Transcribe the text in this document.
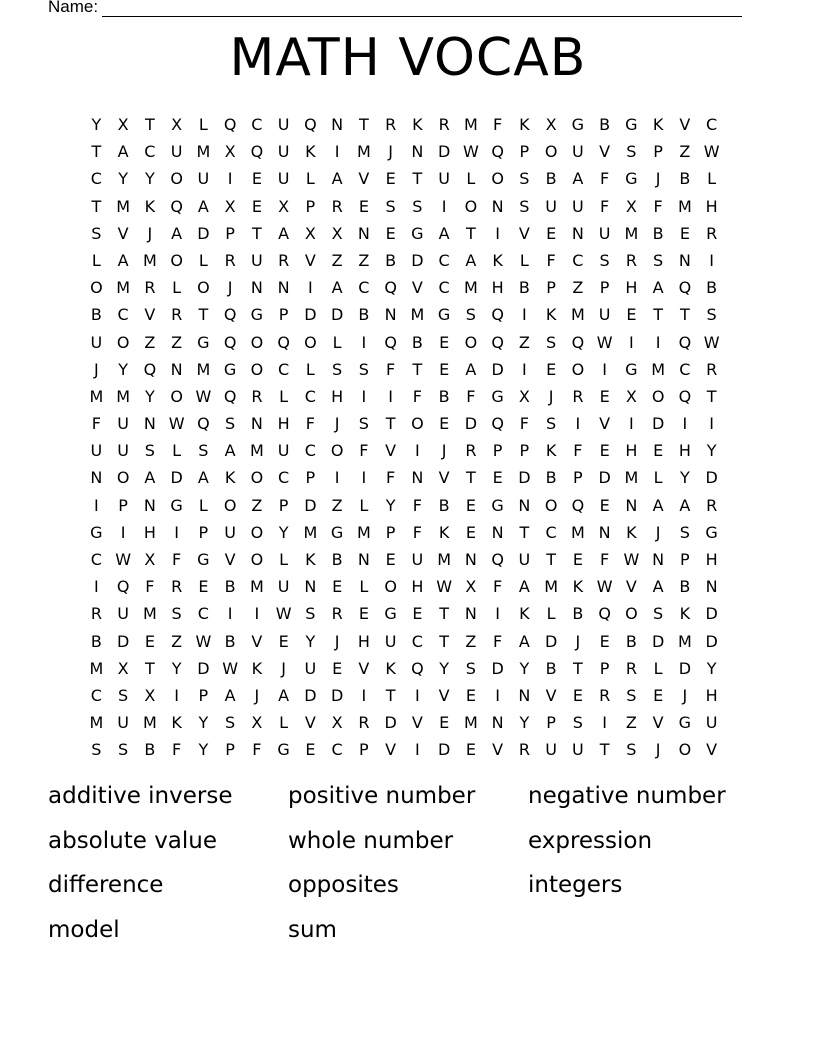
Name:
MATH VOCAB
Y	X	T	X	L	Q C U Q N T	R K R M F	K	X G B G K	V C
T	A C U M X Q U K	I	M	J	N D W Q P O U V	S	P	Z W
C	Y	Y O U	I	E U	L	A V	E	T	U	L	O S	B A	F G	J	B	L
T M K Q A X	E	X	P	R	E	S	S	I	O N S U U	F	X	F M H
S	V	J	A D P	T	A X X N E G A	T	I	V	E N U M B	E	R
L	A M O L	R U R V Z Z B D C A	K	L	F	C	S	R	S N	I
O M R	L	O	J	N N	I	A C Q V C M H B	P	Z	P H A Q B
B C V R	T Q G P D D B N M G S Q	I	K M U E	T	T	S
U O Z Z G Q O Q O L	I	Q B	E O Q Z	S Q W	I	I	Q W
J	Y Q N M G O C	L	S	S	F	T	E	A D	I	E O	I	G M C R
M M Y O W Q R	L	C H	I	I	F	B	F G X	J	R	E	X O Q T
F	U N W Q S N H	F	J	S	T O E D Q F	S	I	V	I	D	I	I
U U S	L	S	A M U C O F	V	I	J	R	P	P	K	F	E H E H Y
N O A D A	K O C	P	I	I	F	N V	T	E D B	P D M L	Y D
I	P N G	L	O Z	P D Z	L	Y	F	B	E G N O Q E N A A R
G	I	H	I	P	U O Y M G M P	F	K	E N T	C M N K	J	S G
C W X	F G V O L	K	B N E U M N Q U	T	E	F W N P H
I	Q F	R	E	B M U N E	L	O H W X	F	A M K W V A B N
R U M S	C	I	I	W S	R	E G E	T N	I	K	L	B Q O S	K D
B D E	Z W B V	E	Y	J	H U C	T	Z	F	A D	J	E	B D M D
M X	T	Y D W K	J	U E	V	K Q Y	S D Y	B	T	P	R	L	D Y
C	S	X	I	P	A	J	A D D	I	T	I	V	E	I	N V	E	R	S	E	J	H
M U M K	Y	S	X	L	V X R D V	E M N Y	P	S	I	Z V G U
S	S	B	F	Y	P	F G E	C	P	V	I	D E	V R U U	T	S	J	O V
additive inverse	positive number	negative number
absolute value	whole number	expression
difference	opposites	integers
model	sum
